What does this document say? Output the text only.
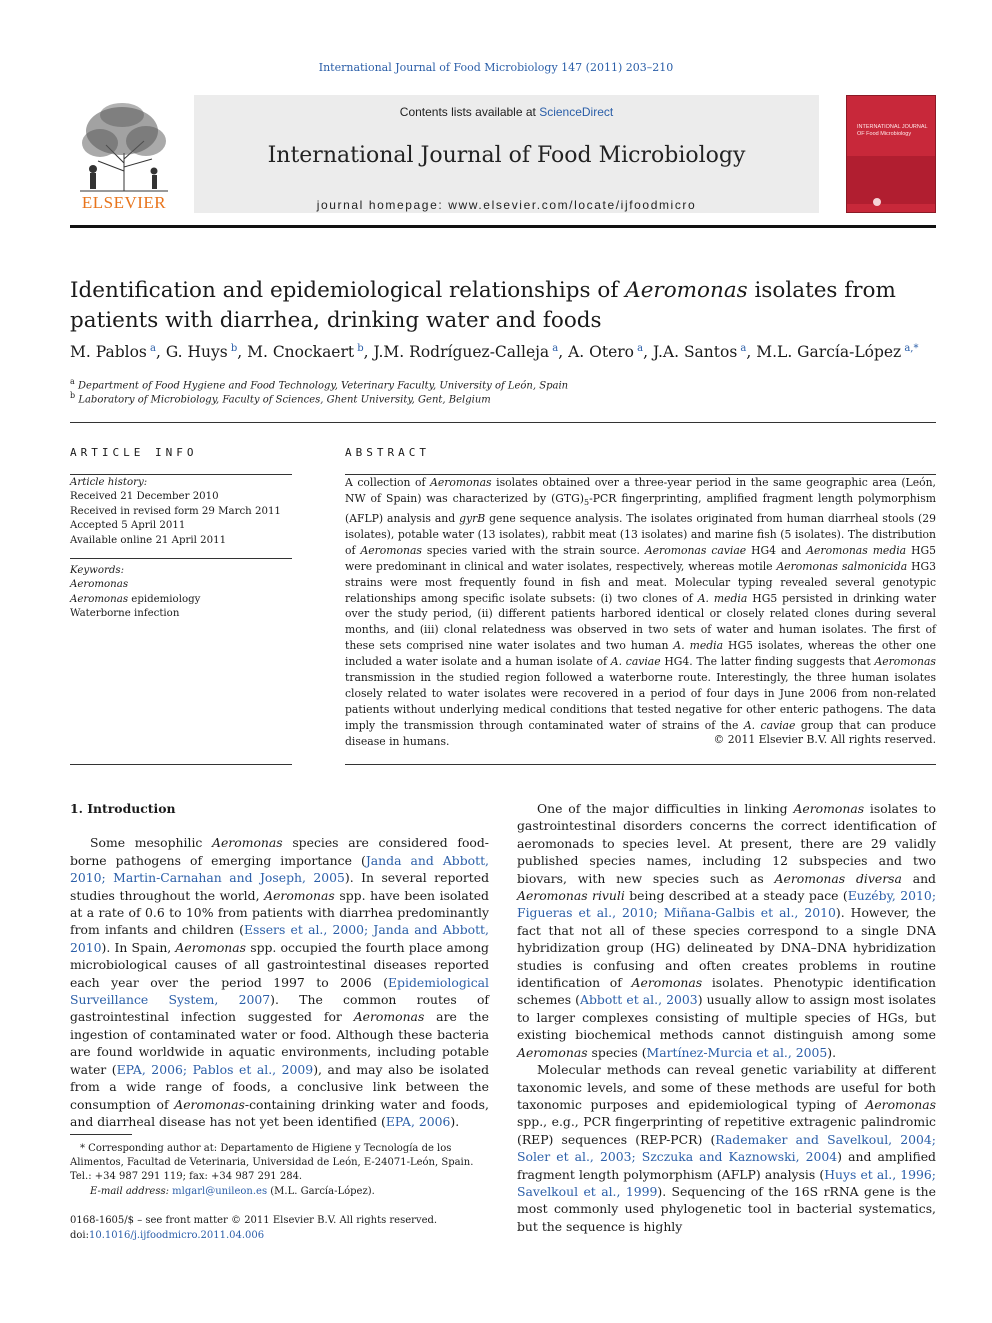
International Journal of Food Microbiology 147 (2011) 203–210
ELSEVIER
Contents lists available at ScienceDirect
International Journal of Food Microbiology
journal homepage: www.elsevier.com/locate/ijfoodmicro
INTERNATIONAL JOURNAL OF Food Microbiology
Identification and epidemiological relationships of Aeromonas isolates from patients with diarrhea, drinking water and foods
M. Pablos  $^a$, G. Huys  $^b$, M. Cnockaert  $^b$, J.M. Rodríguez-Calleja  $^a$, A. Otero  $^a$, J.A. Santos  $^a$, M.L. García-López  $^{a,*}$
$^a$ Department of Food Hygiene and Food Technology, Veterinary Faculty, University of León, Spain
$^b$ Laboratory of Microbiology, Faculty of Sciences, Ghent University, Gent, Belgium
ARTICLE INFO
Article history:
Received 21 December 2010
Received in revised form 29 March 2011
Accepted 5 April 2011
Available online 21 April 2011
Keywords:
Aeromonas
Aeromonas epidemiology
Waterborne infection
ABSTRACT
A collection of Aeromonas isolates obtained over a three-year period in the same geographic area (León, NW of Spain) was characterized by $(GTG)_5$-PCR fingerprinting, amplified fragment length polymorphism (AFLP) analysis and gyrB gene sequence analysis. The isolates originated from human diarrheal stools (29 isolates), potable water (13 isolates), rabbit meat (13 isolates) and marine fish (5 isolates). The distribution of Aeromonas species varied with the strain source. Aeromonas caviae HG4 and Aeromonas media HG5 were predominant in clinical and water isolates, respectively, whereas motile Aeromonas salmonicida HG3 strains were most frequently found in fish and meat. Molecular typing revealed several genotypic relationships among specific isolate subsets: (i) two clones of A. media HG5 persisted in drinking water over the study period, (ii) different patients harbored identical or closely related clones during several months, and (iii) clonal relatedness was observed in two sets of water and human isolates. The first of these sets comprised nine water isolates and two human A. media HG5 isolates, whereas the other one included a water isolate and a human isolate of A. caviae HG4. The latter finding suggests that Aeromonas transmission in the studied region followed a waterborne route. Interestingly, the three human isolates closely related to water isolates were recovered in a period of four days in June 2006 from non-related patients without underlying medical conditions that tested negative for other enteric pathogens. The data imply the transmission through contaminated water of strains of the A. caviae group that can produce disease in humans.	© 2011 Elsevier B.V. All rights reserved.

1. Introduction

Some mesophilic Aeromonas species are considered food-borne pathogens of emerging importance (Janda and Abbott, 2010; Martin-Carnahan and Joseph, 2005). In several reported studies throughout the world, Aeromonas spp. have been isolated at a rate of 0.6 to 10% from patients with diarrhea predominantly from infants and children (Essers et al., 2000; Janda and Abbott, 2010). In Spain, Aeromonas spp. occupied the fourth place among microbiological causes of all gastrointestinal diseases reported each year over the period 1997 to 2006 (Epidemiological Surveillance System, 2007). The common routes of gastrointestinal infection suggested for Aeromonas are the ingestion of contaminated water or food. Although these bacteria are found worldwide in aquatic environments, including potable water (EPA, 2006; Pablos et al., 2009), and may also be isolated from a wide range of foods, a conclusive link between the consumption of Aeromonas-containing drinking water and foods, and diarrheal disease has not yet been identified (EPA, 2006).

One of the major difficulties in linking Aeromonas isolates to gastrointestinal disorders concerns the correct identification of aeromonads to species level. At present, there are 29 validly published species names, including 12 subspecies and two biovars, with new species such as Aeromonas diversa and Aeromonas rivuli being described at a steady pace (Euzéby, 2010; Figueras et al., 2010; Miñana-Galbis et al., 2010). However, the fact that not all of these species correspond to a single DNA hybridization group (HG) delineated by DNA–DNA hybridization studies is confusing and often creates problems in routine identification of Aeromonas isolates. Phenotypic identification schemes (Abbott et al., 2003) usually allow to assign most isolates to larger complexes consisting of multiple species of HGs, but existing biochemical methods cannot distinguish among some Aeromonas species (Martínez-Murcia et al., 2005).

Molecular methods can reveal genetic variability at different taxonomic levels, and some of these methods are useful for both taxonomic purposes and epidemiological typing of Aeromonas spp., e.g., PCR fingerprinting of repetitive extragenic palindromic (REP) sequences (REP-PCR) (Rademaker and Savelkoul, 2004; Soler et al., 2003; Szczuka and Kaznowski, 2004) and amplified fragment length polymorphism (AFLP) analysis (Huys et al., 1996; Savelkoul et al., 1999). Sequencing of the 16S rRNA gene is the most commonly used phylogenetic tool in bacterial systematics, but the sequence is highly

* Corresponding author at: Departamento de Higiene y Tecnología de los Alimentos, Facultad de Veterinaria, Universidad de León, E-24071-León, Spain. Tel.: +34 987 291 119; fax: +34 987 291 284.
E-mail address: mlgarl@unileon.es (M.L. García-López).
0168-1605/$ – see front matter © 2011 Elsevier B.V. All rights reserved.
doi:10.1016/j.ijfoodmicro.2011.04.006
